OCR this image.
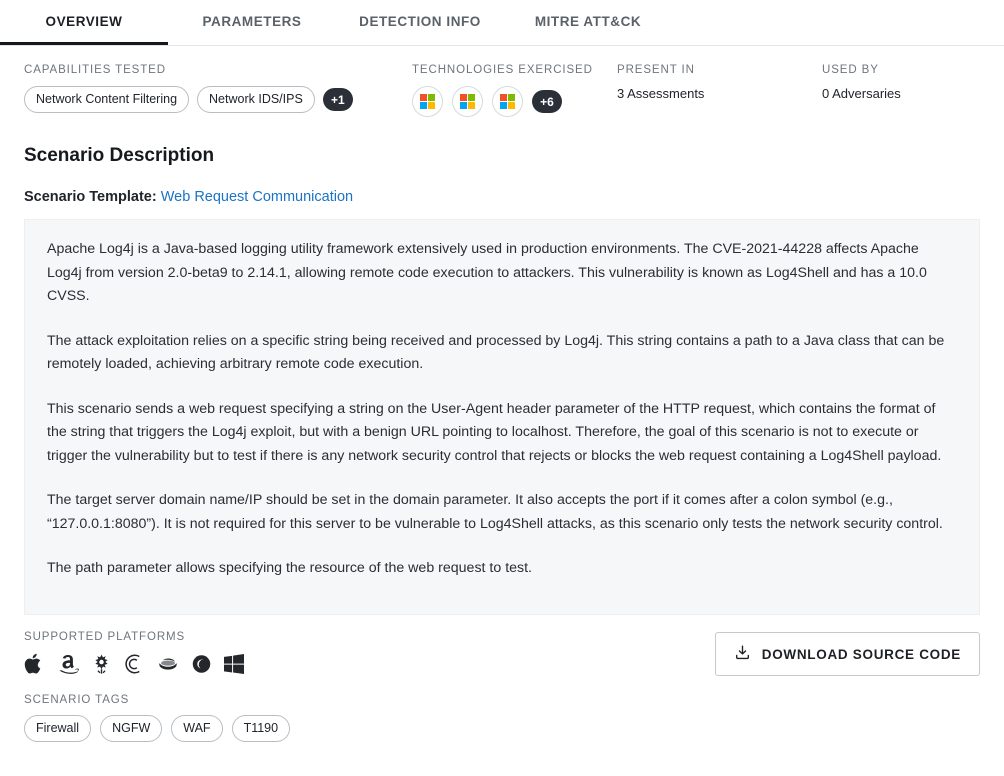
OVERVIEW	PARAMETERS	DETECTION INFO	MITRE ATT&CK
CAPABILITIES TESTED
Network Content Filtering	Network IDS/IPS	+1
TECHNOLOGIES EXERCISED
+6
PRESENT IN
3 Assessments
USED BY
0 Adversaries
Scenario Description
Scenario Template: Web Request Communication

Apache Log4j is a Java-based logging utility framework extensively used in production environments. The CVE-2021-44228 affects Apache Log4j from version 2.0-beta9 to 2.14.1, allowing remote code execution to attackers. This vulnerability is known as Log4Shell and has a 10.0 CVSS.

The attack exploitation relies on a specific string being received and processed by Log4j. This string contains a path to a Java class that can be remotely loaded, achieving arbitrary remote code execution.

This scenario sends a web request specifying a string on the User-Agent header parameter of the HTTP request, which contains the format of the string that triggers the Log4j exploit, but with a benign URL pointing to localhost. Therefore, the goal of this scenario is not to execute or trigger the vulnerability but to test if there is any network security control that rejects or blocks the web request containing a Log4Shell payload.

The target server domain name/IP should be set in the domain parameter. It also accepts the port if it comes after a colon symbol (e.g., “127.0.0.1:8080”). It is not required for this server to be vulnerable to Log4Shell attacks, as this scenario only tests the network security control.

The path parameter allows specifying the resource of the web request to test.

SUPPORTED PLATFORMS
DOWNLOAD SOURCE CODE
SCENARIO TAGS
Firewall	NGFW	WAF	T1190
